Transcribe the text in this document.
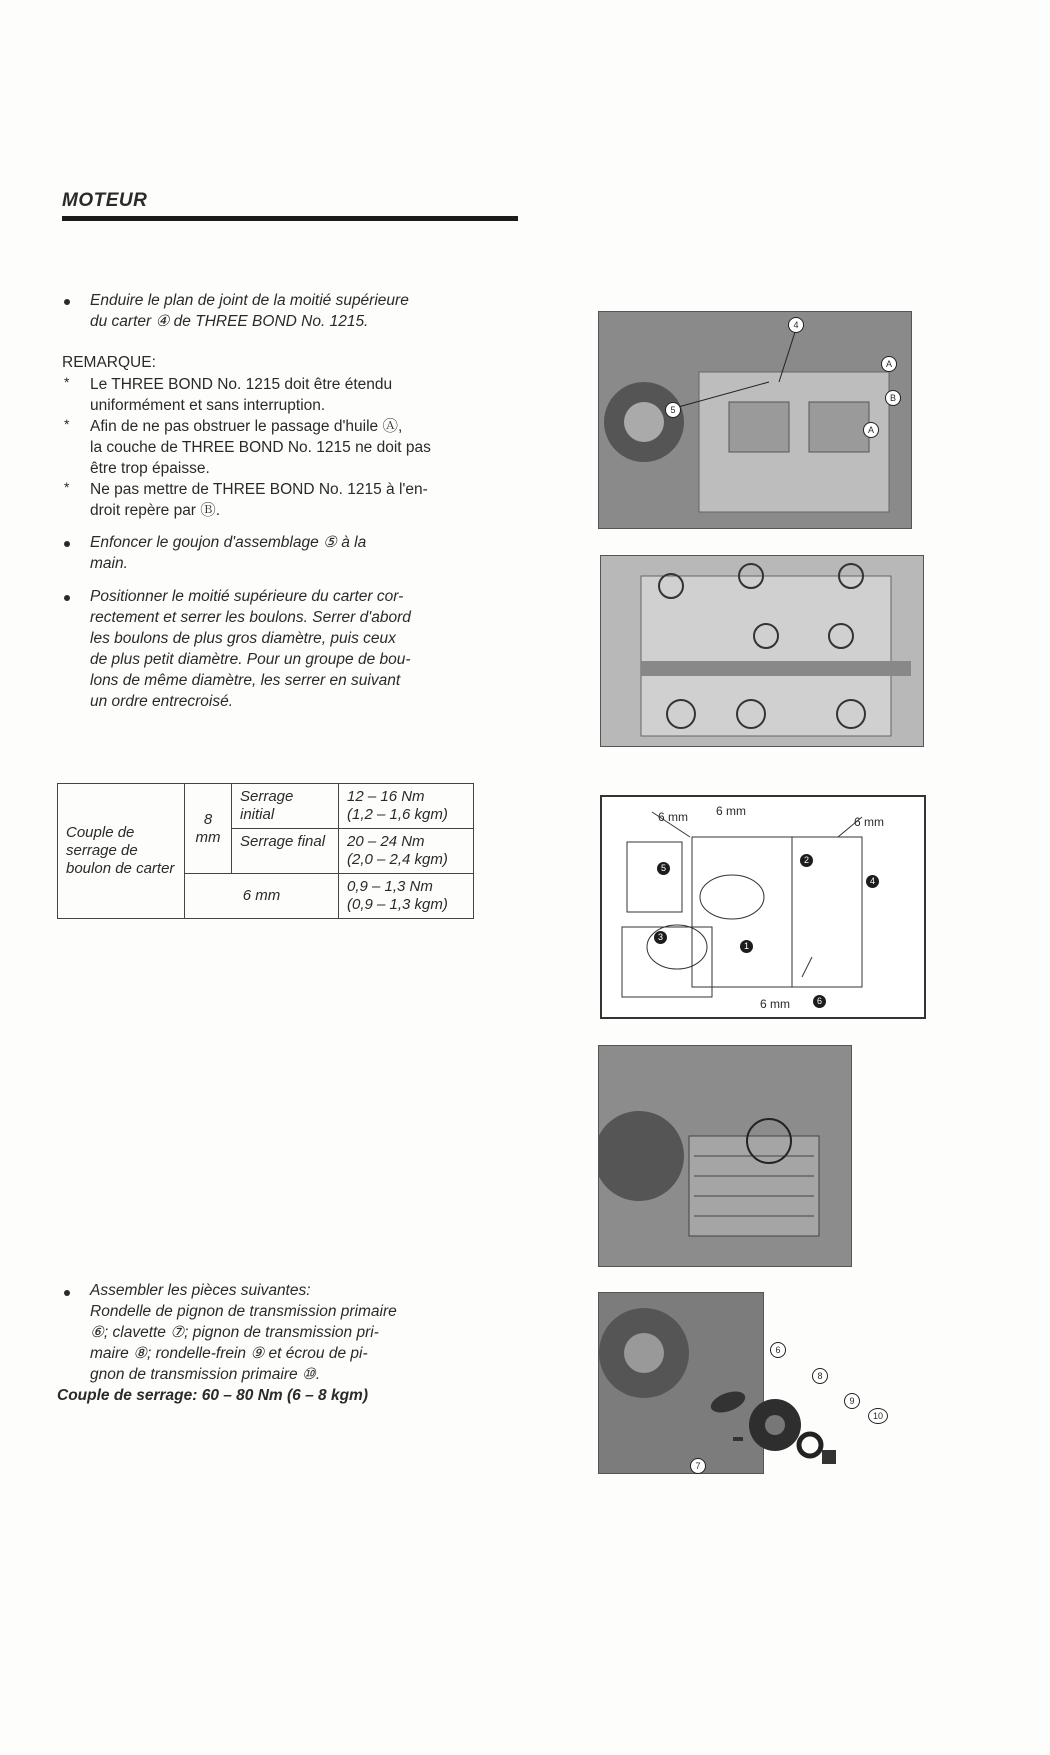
MOTEUR
Enduire le plan de joint de la moitié supérieure
du carter ④ de THREE BOND No. 1215.
REMARQUE:
* Le THREE BOND No. 1215 doit être étendu
uniformément et sans interruption.
* Afin de ne pas obstruer le passage d'huile Ⓐ,
la couche de THREE BOND No. 1215 ne doit pas
être trop épaisse.
* Ne pas mettre de THREE BOND No. 1215 à l'en-
droit repère par Ⓑ.
Enfoncer le goujon d'assemblage ⑤ à la
main.
Positionner le moitié supérieure du carter cor-
rectement et serrer les boulons. Serrer d'abord
les boulons de plus gros diamètre, puis ceux
de plus petit diamètre. Pour un groupe de bou-
lons de même diamètre, les serrer en suivant
un ordre entrecroisé.
Couple de serrage de boulon de carter	8 mm	Serrage initial	12 – 16 Nm
(1,2 – 1,6 kgm)

		Serrage final	20 – 24 Nm
(2,0 – 2,4 kgm)

	6 mm		0,9 – 1,3 Nm
(0,9 – 1,3 kgm)
Assembler les pièces suivantes:
Rondelle de pignon de transmission primaire
⑥; clavette ⑦; pignon de transmission pri-
maire ⑧; rondelle-frein ⑨ et écrou de pi-
gnon de transmission primaire ⑩.
Couple de serrage: 60 – 80 Nm (6 – 8 kgm)
4
A
B
A
5
6 mm 6 mm
6 mm
6 mm
1
2
3
4
5
6
6
7
8
9
10
